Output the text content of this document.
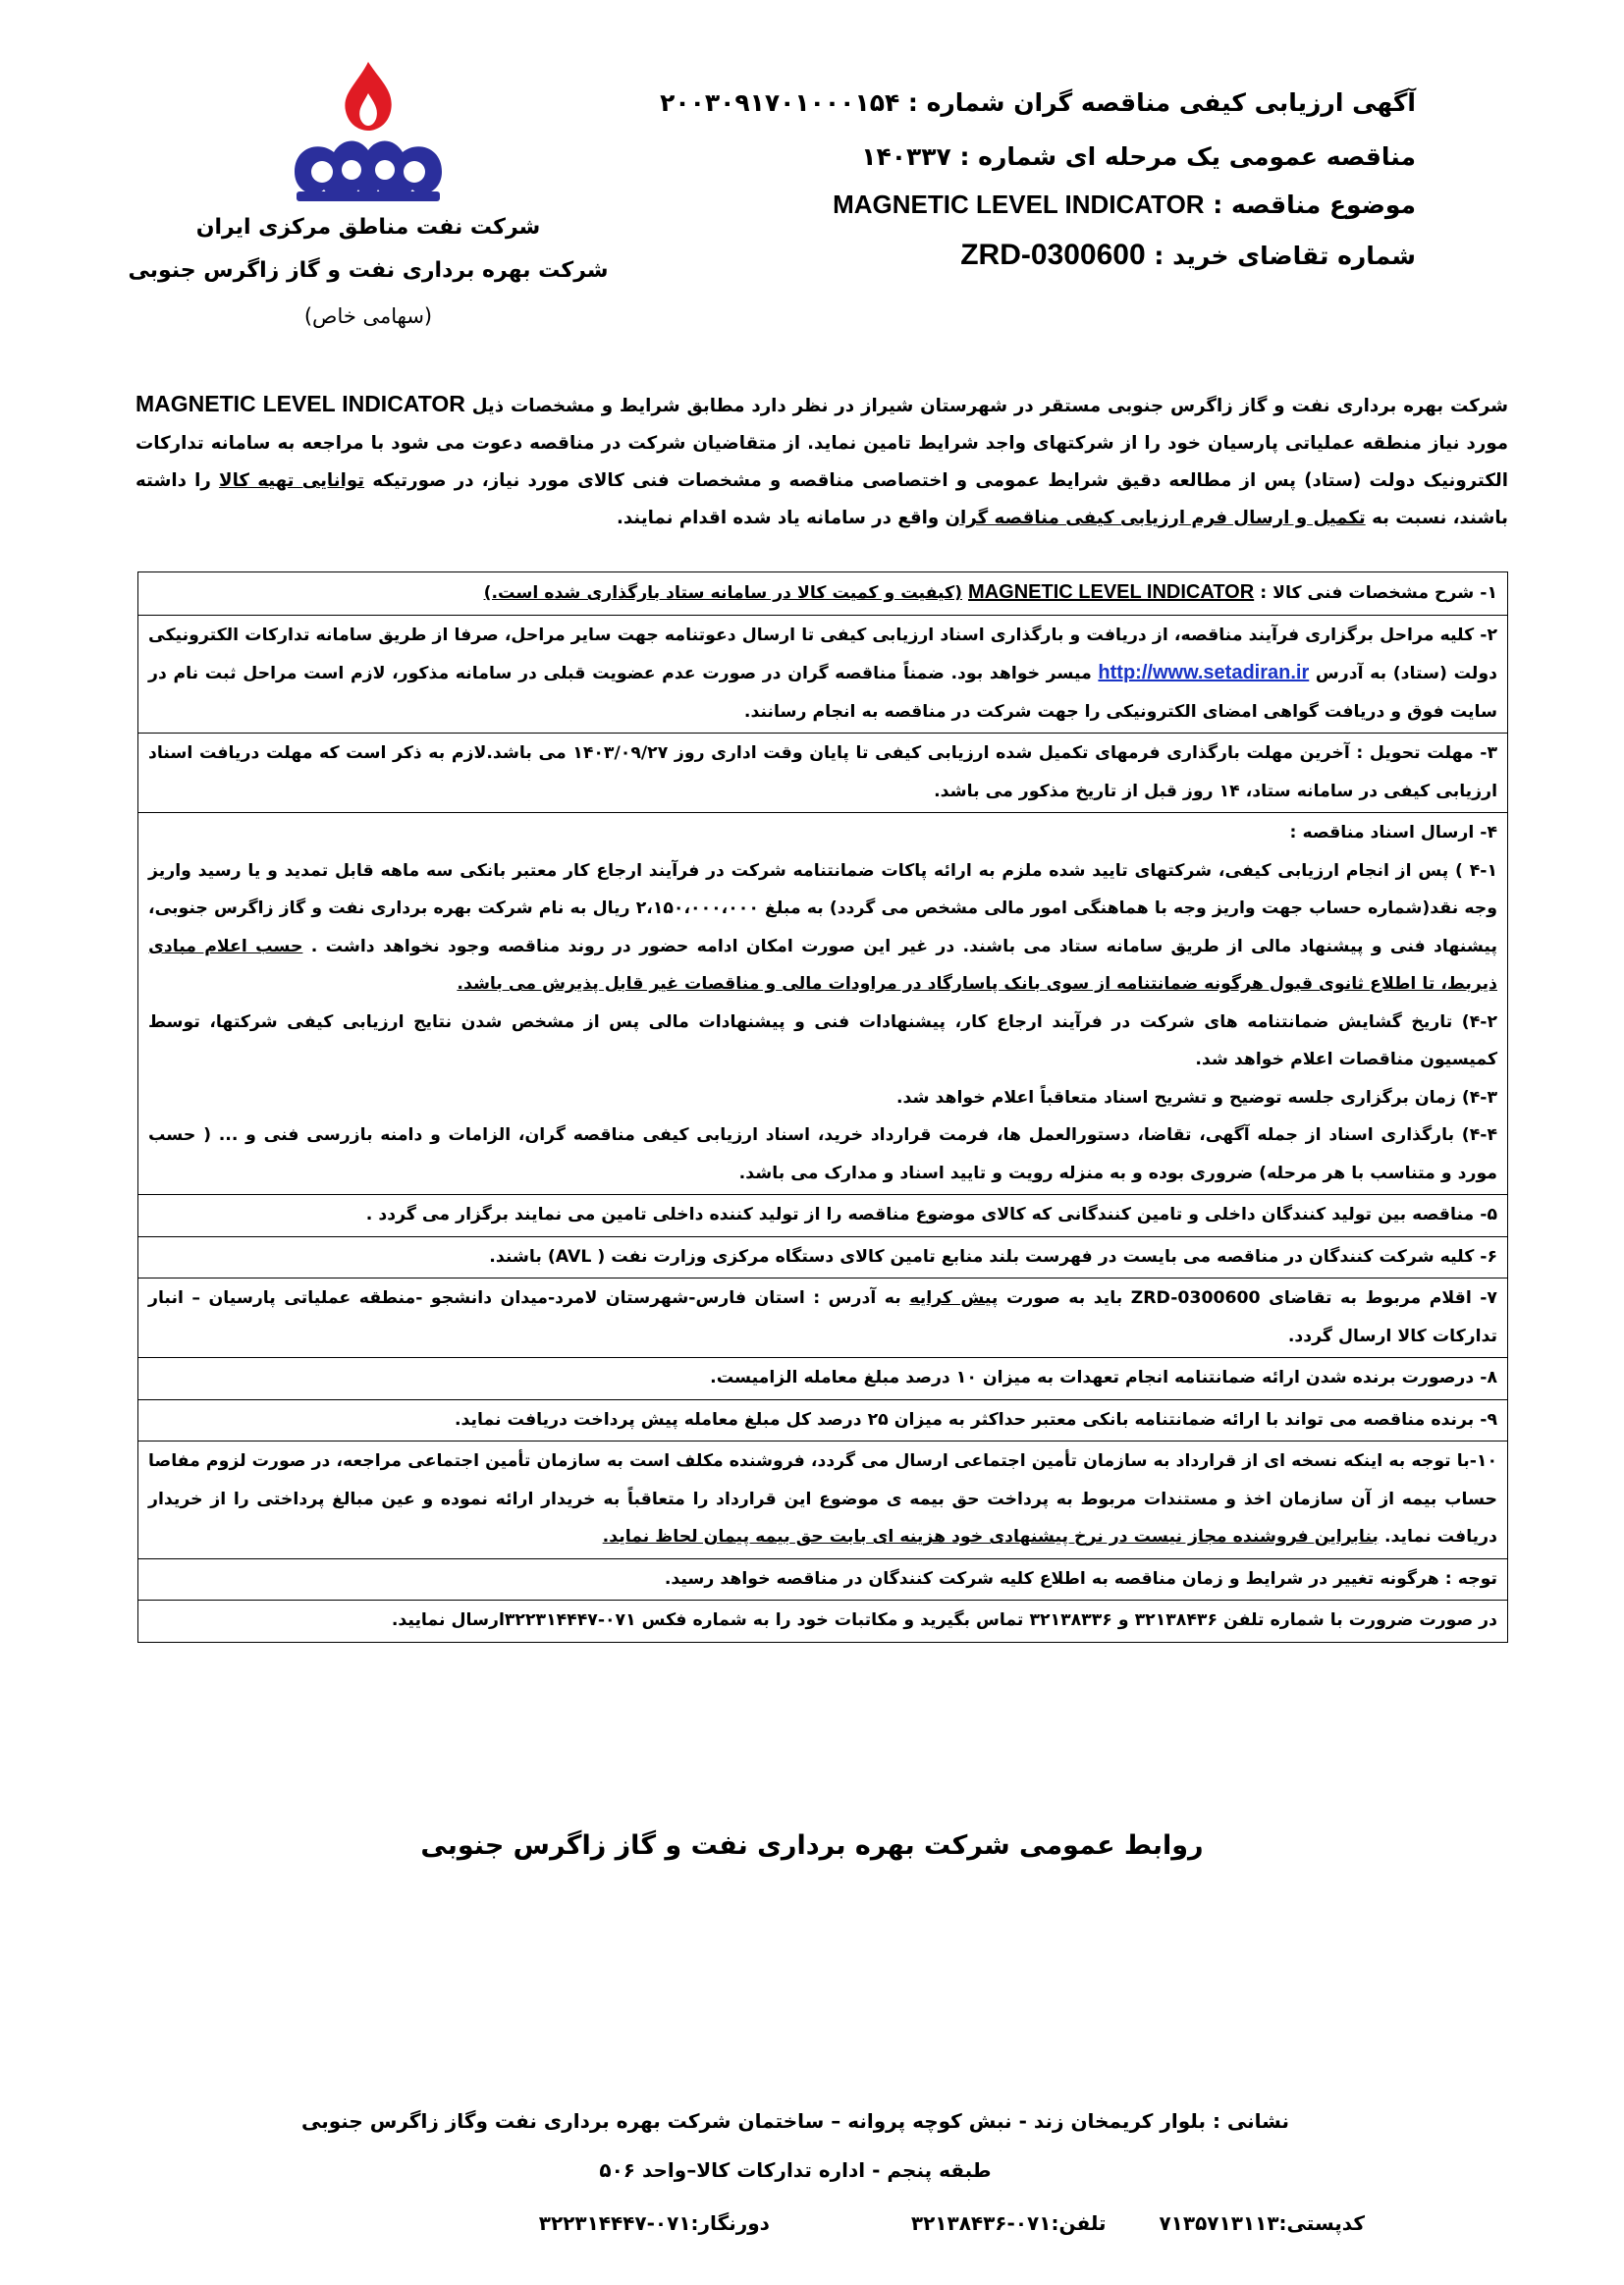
شرکت نفت مناطق مرکزی ایران
شرکت بهره برداری نفت و گاز زاگرس جنوبی
(سهامی خاص)
آگهی ارزیابی کیفی مناقصه گران شماره : ۲۰۰۳۰۹۱۷۰۱۰۰۰۱۵۴
مناقصه عمومی یک مرحله ای شماره : ۱۴۰۳۳۷
موضوع مناقصه : MAGNETIC LEVEL INDICATOR
شماره تقاضای خرید : ZRD-0300600
شرکت بهره برداری نفت و گاز زاگرس جنوبی مستقر در شهرستان شیراز در نظر دارد مطابق شرایط و مشخصات ذیل MAGNETIC LEVEL INDICATOR مورد نیاز منطقه عملیاتی پارسیان خود را از شرکتهای واجد شرایط تامین نماید. از متقاضیان شرکت در مناقصه دعوت می شود با مراجعه به سامانه تدارکات الکترونیک دولت (ستاد) پس از مطالعه دقیق شرایط عمومی و اختصاصی مناقصه و مشخصات فنی کالای مورد نیاز، در صورتیکه توانایی تهیه کالا را داشته باشند، نسبت به تکمیل و ارسال فرم ارزیابی کیفی مناقصه گران واقع در سامانه یاد شده اقدام نمایند.
۱- شرح مشخصات فنی کالا : MAGNETIC LEVEL INDICATOR (کیفیت و کمیت کالا در سامانه ستاد بارگذاری شده است.)
۲- کلیه مراحل برگزاری فرآیند مناقصه، از دریافت و بارگذاری اسناد ارزیابی کیفی تا ارسال دعوتنامه جهت سایر مراحل، صرفا از طریق سامانه تدارکات الکترونیکی دولت (ستاد) به آدرس http://www.setadiran.ir میسر خواهد بود. ضمناً مناقصه گران در صورت عدم عضویت قبلی در سامانه مذکور، لازم است مراحل ثبت نام در سایت فوق و دریافت گواهی امضای الکترونیکی را جهت شرکت در مناقصه به انجام رسانند.
۳- مهلت تحویل : آخرین مهلت بارگذاری فرمهای تکمیل شده ارزیابی کیفی تا پایان وقت اداری روز ۱۴۰۳/۰۹/۲۷ می باشد.لازم به ذکر است که مهلت دریافت اسناد ارزیابی کیفی در سامانه ستاد، ۱۴ روز قبل از تاریخ مذکور می باشد.

۴- ارسال اسناد مناقصه :

۴-۱ ) پس از انجام ارزیابی کیفی، شرکتهای تایید شده ملزم به ارائه پاکات ضمانتنامه شرکت در فرآیند ارجاع کار معتبر بانکی سه ماهه قابل تمدید و یا رسید واریز وجه نقد(شماره حساب جهت واریز وجه با هماهنگی امور مالی مشخص می گردد) به مبلغ ۲،۱۵۰،۰۰۰،۰۰۰ ریال به نام شرکت بهره برداری نفت و گاز زاگرس جنوبی، پیشنهاد فنی و پیشنهاد مالی از طریق سامانه ستاد می باشند. در غیر این صورت امکان ادامه حضور در روند مناقصه وجود نخواهد داشت . حسب اعلام مبادی ذیربط، تا اطلاع ثانوی قبول هرگونه ضمانتنامه از سوی بانک پاسارگاد در مراودات مالی و مناقصات غیر قابل پذیرش می باشد.

۴-۲) تاریخ گشایش ضمانتنامه های شرکت در فرآیند ارجاع کار، پیشنهادات فنی و پیشنهادات مالی پس از مشخص شدن نتایج ارزیابی کیفی شرکتها، توسط کمیسیون مناقصات اعلام خواهد شد.

۴-۳) زمان برگزاری جلسه توضیح و تشریح اسناد متعاقباً اعلام خواهد شد.

۴-۴) بارگذاری اسناد از جمله آگهی، تقاضا، دستورالعمل ها، فرمت قرارداد خرید، اسناد ارزیابی کیفی مناقصه گران، الزامات و دامنه بازرسی فنی و ... ( حسب مورد و متناسب با هر مرحله) ضروری بوده و به منزله رویت و تایید اسناد و مدارک می باشد.

۵- مناقصه بین تولید کنندگان داخلی و تامین کنندگانی که کالای موضوع مناقصه را از تولید کننده داخلی تامین می نمایند برگزار می گردد .
۶- کلیه شرکت کنندگان در مناقصه می بایست در فهرست بلند منابع تامین کالای دستگاه مرکزی وزارت نفت ( AVL) باشند.
۷- اقلام مربوط به تقاضای ZRD-0300600 باید به صورت پیش کرایه به آدرس : استان فارس-شهرستان لامرد-میدان دانشجو -منطقه عملیاتی پارسیان – انبار تدارکات کالا ارسال گردد.
۸- درصورت برنده شدن ارائه ضمانتنامه انجام تعهدات به میزان ۱۰ درصد مبلغ معامله الزامیست.
۹- برنده مناقصه می تواند با ارائه ضمانتنامه بانکی معتبر حداکثر به میزان ۲۵ درصد کل مبلغ معامله پیش پرداخت دریافت نماید.
۱۰-با توجه به اینکه نسخه ای از قرارداد به سازمان تأمین اجتماعی ارسال می گردد، فروشنده مکلف است به سازمان تأمین اجتماعی مراجعه، در صورت لزوم مفاصا حساب بیمه از آن سازمان اخذ و مستندات مربوط به پرداخت حق بیمه ی موضوع این قرارداد را متعاقباً به خریدار ارائه نموده و عین مبالغ پرداختی را از خریدار دریافت نماید. بنابراین فروشنده مجاز نیست در نرخ پیشنهادی خود هزینه ای بابت حق بیمه پیمان لحاظ نماید.
توجه : هرگونه تغییر در شرایط و زمان مناقصه به اطلاع کلیه شرکت کنندگان در مناقصه خواهد رسید.
در صورت ضرورت با شماره تلفن ۳۲۱۳۸۴۳۶ و ۳۲۱۳۸۳۳۶ تماس بگیرید و مکاتبات خود را به شماره فکس ۰۷۱-۳۲۲۳۱۴۴۴۷ارسال نمایید.
روابط عمومی شرکت بهره برداری نفت و گاز زاگرس جنوبی
نشانی : بلوار کریمخان زند - نبش کوچه پروانه – ساختمان شرکت بهره برداری نفت وگاز زاگرس جنوبی
طبقه پنجم - اداره تدارکات کالا–واحد ۵۰۶
کدپستی:۷۱۳۵۷۱۳۱۱۳  تلفن:۰۷۱-۳۲۱۳۸۴۳۶  دورنگار:۰۷۱-۳۲۲۳۱۴۴۴۷
